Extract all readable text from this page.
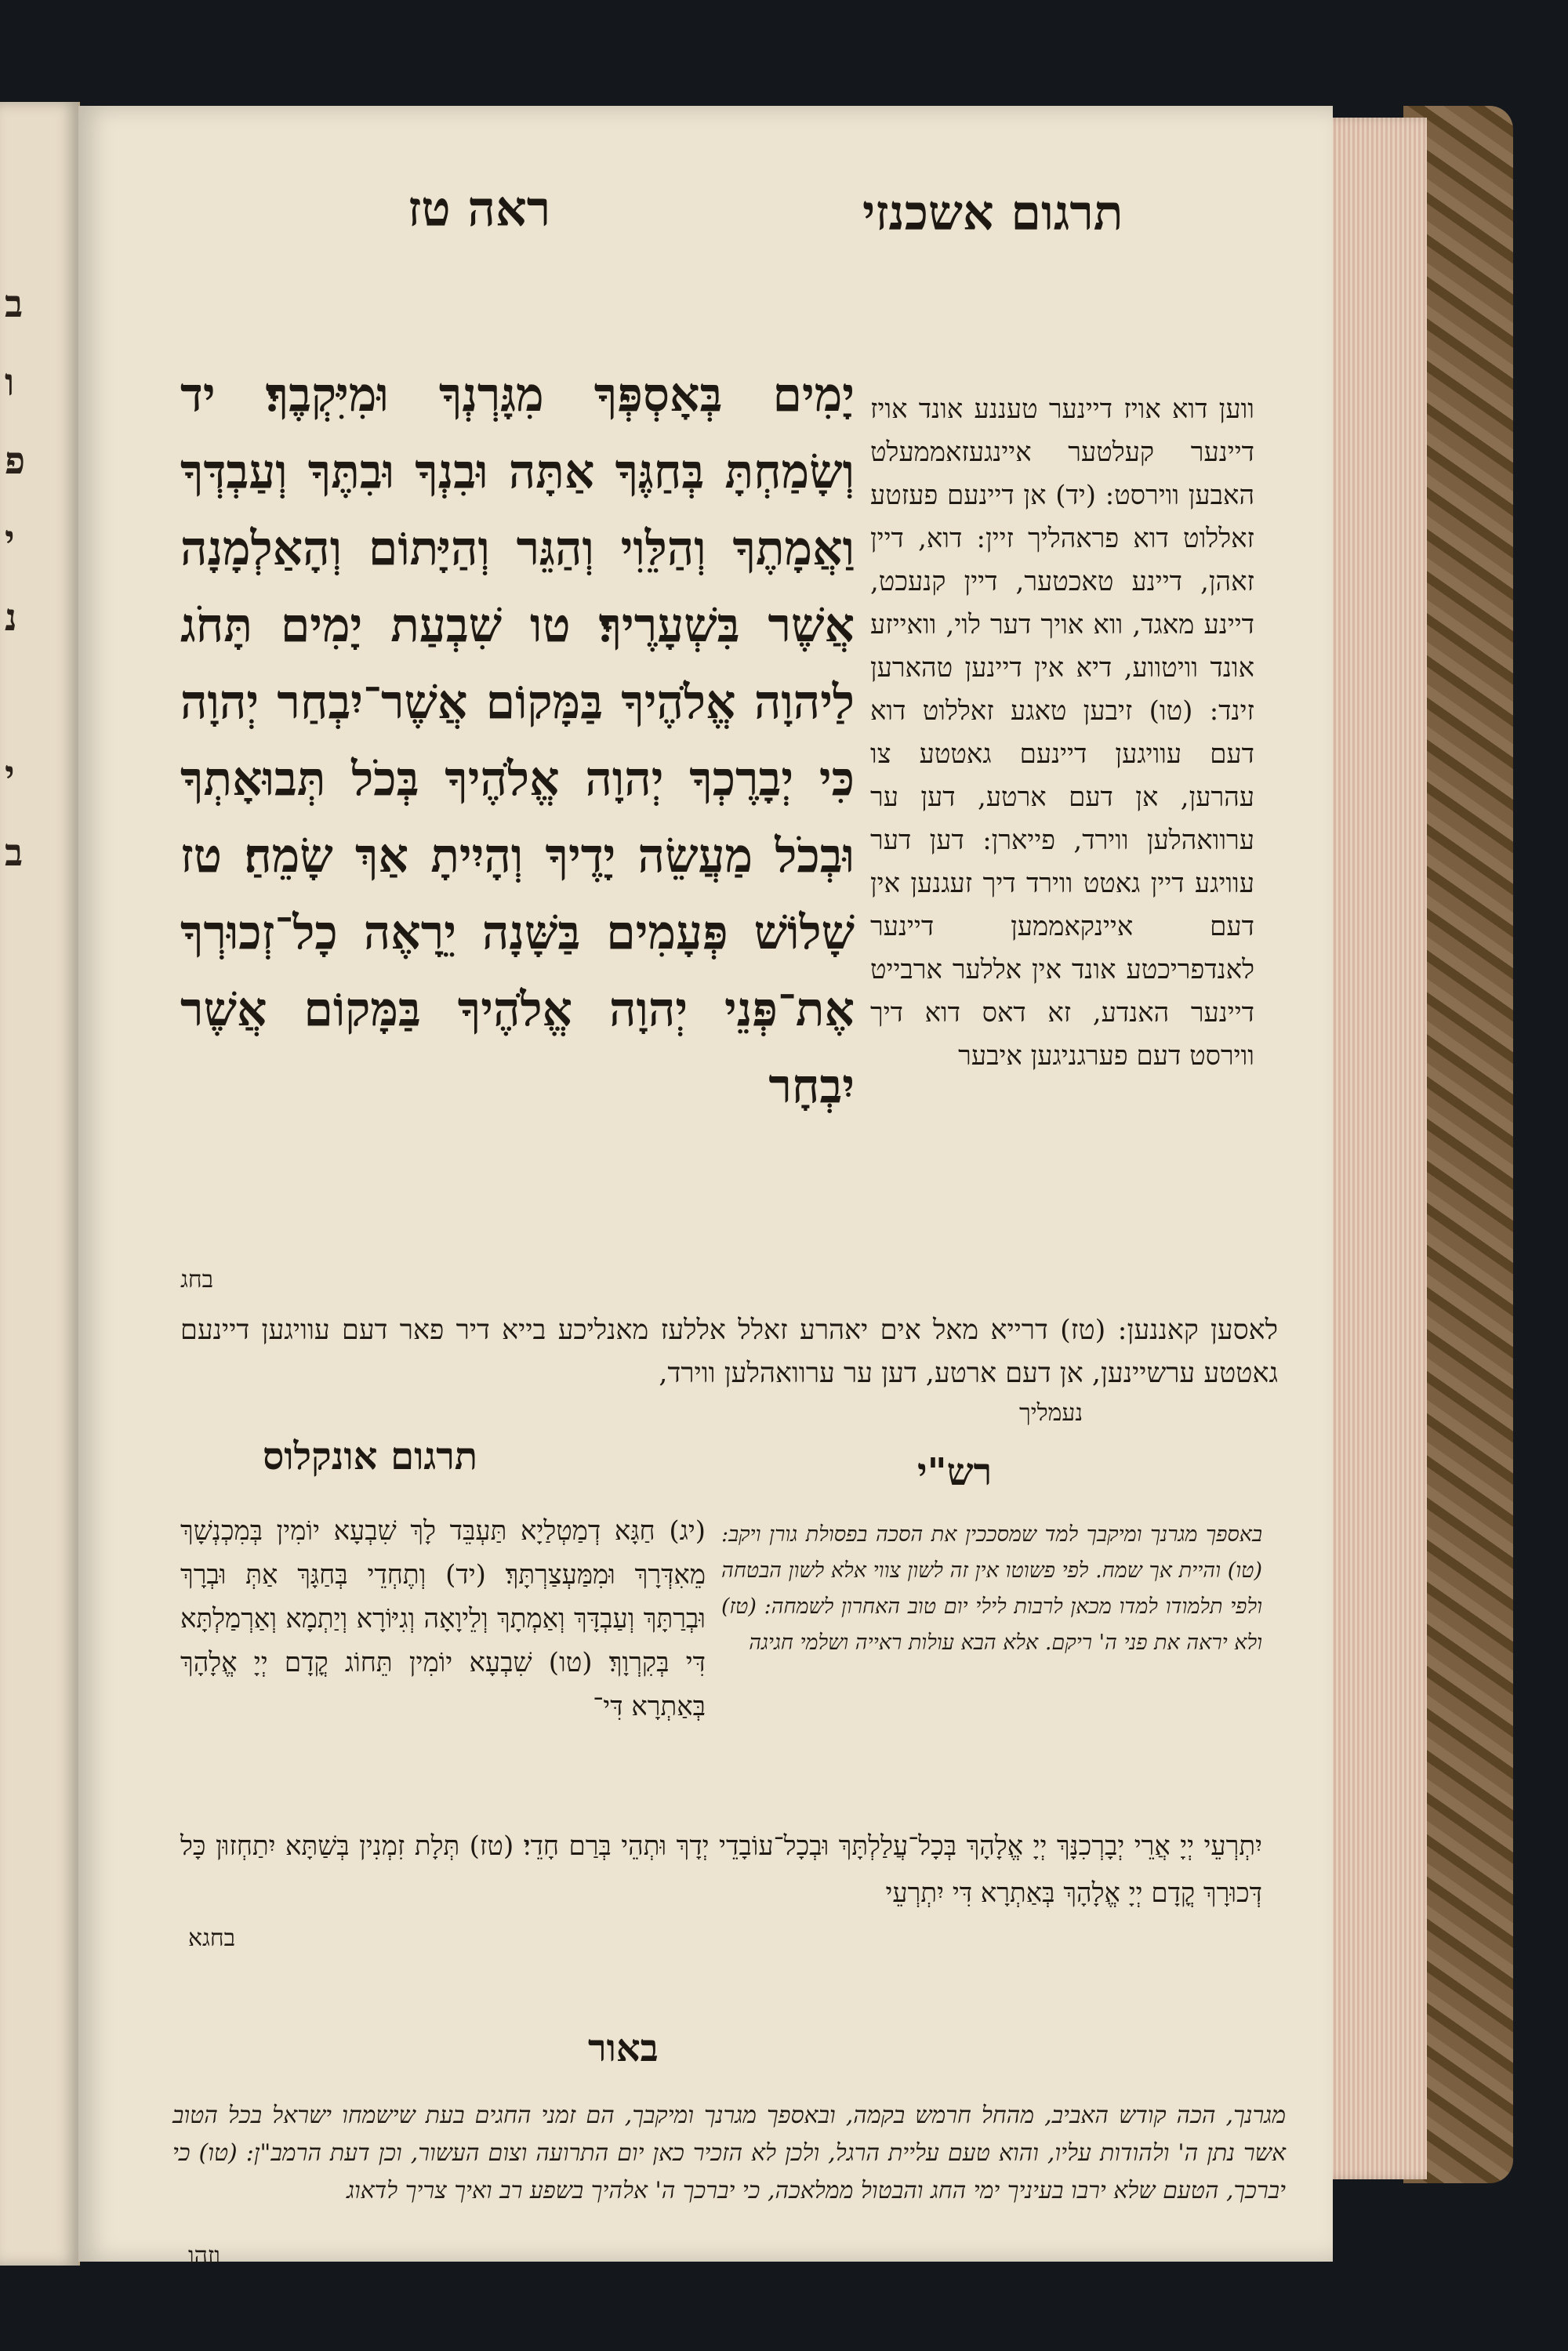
ב
ו
פ
י
נ
י
ב
תרגום אשכנזי
ראה טז

יָמִים בְּאָסְפְּךָ מִגָּרְנְךָ וּמִיִּקְבֶךָ׃ יד וְשָׂמַחְתָּ בְּחַגֶּךָ אַתָּה וּבִנְךָ וּבִתֶּךָ וְעַבְדְּךָ וַאֲמָתֶךָ וְהַלֵּוִי וְהַגֵּר וְהַיָּתוֹם וְהָאַלְמָנָה אֲשֶׁר בִּשְׁעָרֶיךָ׃ טו שִׁבְעַת יָמִים תָּחֹג לַיהוָה אֱלֹהֶיךָ בַּמָּקוֹם אֲשֶׁר־יִבְחַר יְהוָה כִּי יְבָרֶכְךָ יְהוָה אֱלֹהֶיךָ בְּכֹל תְּבוּאָתְךָ וּבְכֹל מַעֲשֵׂה יָדֶיךָ וְהָיִיתָ אַךְ שָׂמֵחַ׃ טז שָׁלוֹשׁ פְּעָמִים בַּשָּׁנָה יֵרָאֶה כָל־זְכוּרְךָ אֶת־פְּנֵי יְהוָה אֱלֹהֶיךָ בַּמָּקוֹם אֲשֶׁר יִבְחָר

בחג

ווען דוא אויז דיינער טעננע אונד אויז דיינער קעלטער איינגעזאממעלט האבען ווירסט: (יד) אן דיינעם פעזטע זאללוט דוא פראהליך זיין: דוא, דיין זאהן, דיינע טאכטער, דיין קנעכט, דיינע מאגד, ווא אויך דער לוי, וואייזע אונד וויטווע, דיא אין דיינען טהארען זינד: (טו) זיבען טאגע זאללוט דוא דעם עוויגען דיינעם גאטטע צו עהרען, אן דעם ארטע, דען ער ערוואהלען ווירד, פייארן: דען דער עוויגע דיין גאטט ווירד דיך זעגנען אין דעם איינקאממען דיינער לאנדפריכטע אונד אין אללער ארבייט דיינער האנדע, זא דאס דוא דיך ווירסט דעם פערגניגען איבער

לאסען קאננען: (טז) דרייא מאל אים יאהרע זאלל אללעז מאנליכע בייא דיר פאר דעם עוויגען דיינעם גאטטע ערשיינען, אן דעם ארטע, דען ער ערוואהלען ווירד,

נעמליך
רש"י

באספך מגרנך ומיקבך למד שמסככין את הסכה בפסולת גורן ויקב: (טו) והיית אך שמח. לפי פשוטו אין זה לשון צווי אלא לשון הבטחה ולפי תלמודו למדו מכאן לרבות לילי יום טוב האחרון לשמחה: (טז) ולא יראה את פני ה' ריקם. אלא הבא עולות ראייה ושלמי חגיגה

תרגום אונקלוס

(יג) חַגָּא דְמַטְלַיָא תַּעְבֵּד לָךְ שִׁבְעָא יוֹמִין בְּמִכְנְשָׁךְ מֵאִדְּרָךְ וּמִמַּעְצַרְתָּךְ׃ (יד) וְתֶחְדֵי בְּחַגָּךְ אַתְּ וּבְרָךְ וּבְרַתָּךְ וְעַבְדָּךְ וְאַמְתָךְ וְלֵיוָאָה וְגִיּוֹרָא וְיַתְמָא וְאַרְמַלְתָּא דִּי בְּקִרְוָךְ׃ (טו) שִׁבְעָא יוֹמִין תֵּחוֹג קֳדָם יְיָ אֱלָהָךְ בְּאַתְרָא דִּי־

יִתְרְעֵי יְיָ אֲרֵי יְבָרְכִנָּךְ יְיָ אֱלָהָךְ בְּכָל־עֲלַלְתָּךְ וּבְכָל־עוֹבָדֵי יְדָךְ וּתְהֵי בְּרַם חָדֵי׃ (טז) תְּלָת זִמְנִין בְּשַׁתָּא יִתַחְזוּן כָּל דְּכוּרָךְ קֳדָם יְיָ אֱלָהָךְ בְּאַתְרָא דִּי יִתְרְעֵי

בחגא
באור

מגרנך, הכה קודש האביב, מהחל חרמש בקמה, ובאספך מגרנך ומיקבך, הם זמני החגים בעת שישמחו ישראל בכל הטוב אשר נתן ה' ולהודות עליו, והוא טעם עליית הרגל, ולכן לא הזכיר כאן יום התרועה וצום העשור, וכן דעת הרמב"ן: (טו) כי יברכך, הטעם שלא ירבו בעיניך ימי החג והבטול ממלאכה, כי יברכך ה' אלהיך בשפע רב ואיך צריך לדאוג

וזהו
